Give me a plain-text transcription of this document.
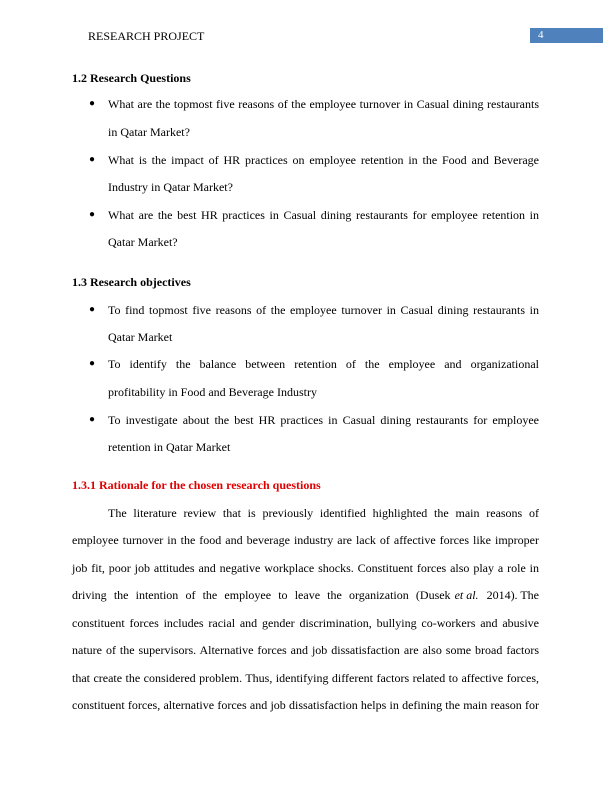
RESEARCH PROJECT	4
1.2 Research Questions
● What are the topmost five reasons of the employee turnover in Casual dining restaurants
in Qatar Market?
● What is the impact of HR practices on employee retention in the Food and Beverage
Industry in Qatar Market?
● What are the best HR practices in Casual dining restaurants for employee retention in
Qatar Market?
1.3 Research objectives
● To find topmost five reasons of the employee turnover in Casual dining restaurants in
Qatar Market
● To identify the balance between retention of the employee and organizational
profitability in Food and Beverage Industry
● To investigate about the best HR practices in Casual dining restaurants for employee
retention in Qatar Market
1.3.1 Rationale for the chosen research questions
The literature review that is previously identified highlighted the main reasons of
employee turnover in the food and beverage industry are lack of affective forces like improper
job fit, poor job attitudes and negative workplace shocks. Constituent forces also play a role in
driving the intention of the employee to leave the organization (Dusek et al. 2014). The
constituent forces includes racial and gender discrimination, bullying co-workers and abusive
nature of the supervisors. Alternative forces and job dissatisfaction are also some broad factors
that create the considered problem. Thus, identifying different factors related to affective forces,
constituent forces, alternative forces and job dissatisfaction helps in defining the main reason for
